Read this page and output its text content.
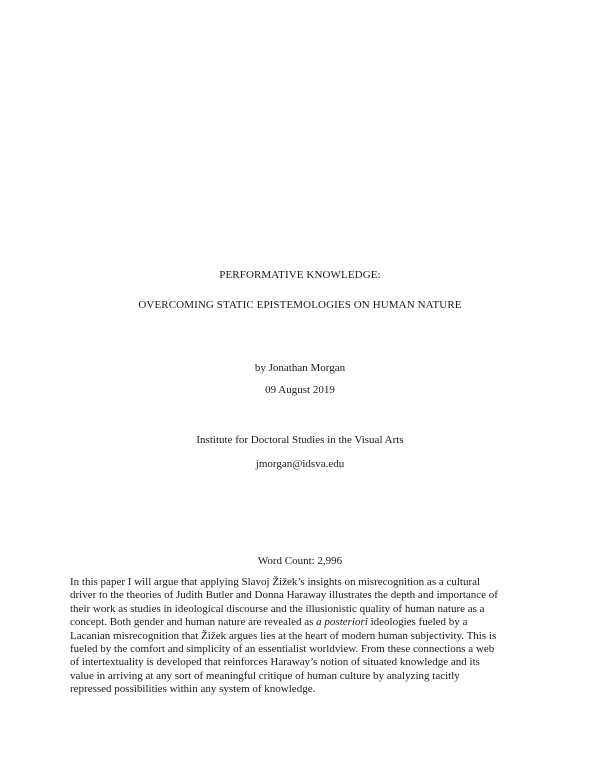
PERFORMATIVE KNOWLEDGE:
OVERCOMING STATIC EPISTEMOLOGIES ON HUMAN NATURE
by Jonathan Morgan
09 August 2019
Institute for Doctoral Studies in the Visual Arts
jmorgan@idsva.edu
Word Count: 2,996

In this paper I will argue that applying Slavoj Žižek’s insights on misrecognition as a cultural
driver to the theories of Judith Butler and Donna Haraway illustrates the depth and importance of
their work as studies in ideological discourse and the illusionistic quality of human nature as a
concept. Both gender and human nature are revealed as a posteriori ideologies fueled by a
Lacanian misrecognition that Žižek argues lies at the heart of modern human subjectivity. This is
fueled by the comfort and simplicity of an essentialist worldview. From these connections a web
of intertextuality is developed that reinforces Haraway’s notion of situated knowledge and its
value in arriving at any sort of meaningful critique of human culture by analyzing tacitly
repressed possibilities within any system of knowledge.
